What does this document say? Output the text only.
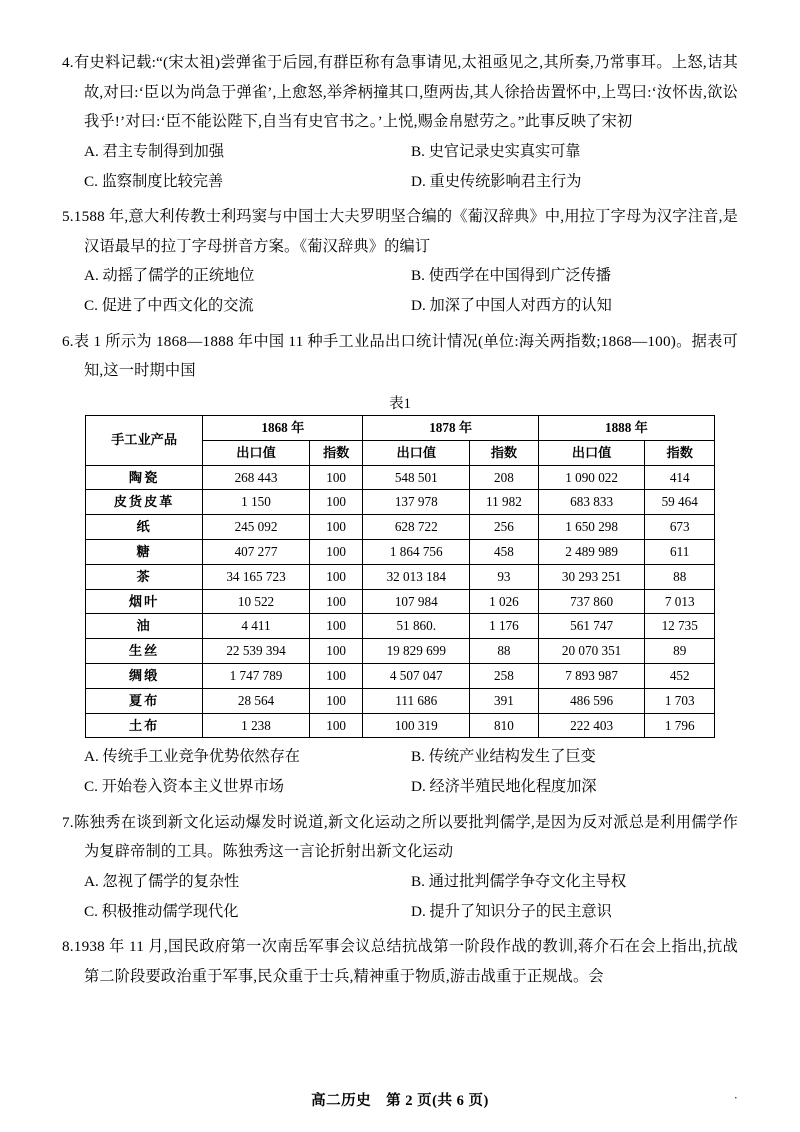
4.有史料记载:“(宋太祖)尝弹雀于后园,有群臣称有急事请见,太祖亟见之,其所奏,乃常事耳。上怒,诘其故,对曰:‘臣以为尚急于弹雀’,上愈怒,举斧柄撞其口,堕两齿,其人徐拾齿置怀中,上骂曰:‘汝怀齿,欲讼我乎!’对曰:‘臣不能讼陛下,自当有史官书之。’上悦,赐金帛慰劳之。”此事反映了宋初
A. 君主专制得到加强	B. 史官记录史实真实可靠
C. 监察制度比较完善	D. 重史传统影响君主行为
5.1588 年,意大利传教士利玛窦与中国士大夫罗明坚合编的《葡汉辞典》中,用拉丁字母为汉字注音,是汉语最早的拉丁字母拼音方案。《葡汉辞典》的编订
A. 动摇了儒学的正统地位	B. 使西学在中国得到广泛传播
C. 促进了中西文化的交流	D. 加深了中国人对西方的认知
6.表 1 所示为 1868—1888 年中国 11 种手工业品出口统计情况(单位:海关两指数;1868—100)。据表可知,这一时期中国
表1
手工业产品	1868 年		1878 年		1888 年	
	出口值	指数	出口值	指数	出口值	指数
陶瓷	268 443	100	548 501	208	1 090 022	414
皮货皮革	1 150	100	137 978	11 982	683 833	59 464
纸	245 092	100	628 722	256	1 650 298	673
糖	407 277	100	1 864 756	458	2 489 989	611
茶	34 165 723	100	32 013 184	93	30 293 251	88
烟叶	10 522	100	107 984	1 026	737 860	7 013
油	4 411	100	51 860.	1 176	561 747	12 735
生丝	22 539 394	100	19 829 699	88	20 070 351	89
绸缎	1 747 789	100	4 507 047	258	7 893 987	452
夏布	28 564	100	111 686	391	486 596	1 703
土布	1 238	100	100 319	810	222 403	1 796
A. 传统手工业竞争优势依然存在	B. 传统产业结构发生了巨变
C. 开始卷入资本主义世界市场	D. 经济半殖民地化程度加深
7.陈独秀在谈到新文化运动爆发时说道,新文化运动之所以要批判儒学,是因为反对派总是利用儒学作为复辟帝制的工具。陈独秀这一言论折射出新文化运动
A. 忽视了儒学的复杂性	B. 通过批判儒学争夺文化主导权
C. 积极推动儒学现代化	D. 提升了知识分子的民主意识
8.1938 年 11 月,国民政府第一次南岳军事会议总结抗战第一阶段作战的教训,蒋介石在会上指出,抗战第二阶段要政治重于军事,民众重于士兵,精神重于物质,游击战重于正规战。会
高二历史　第 2 页(共 6 页)	·
